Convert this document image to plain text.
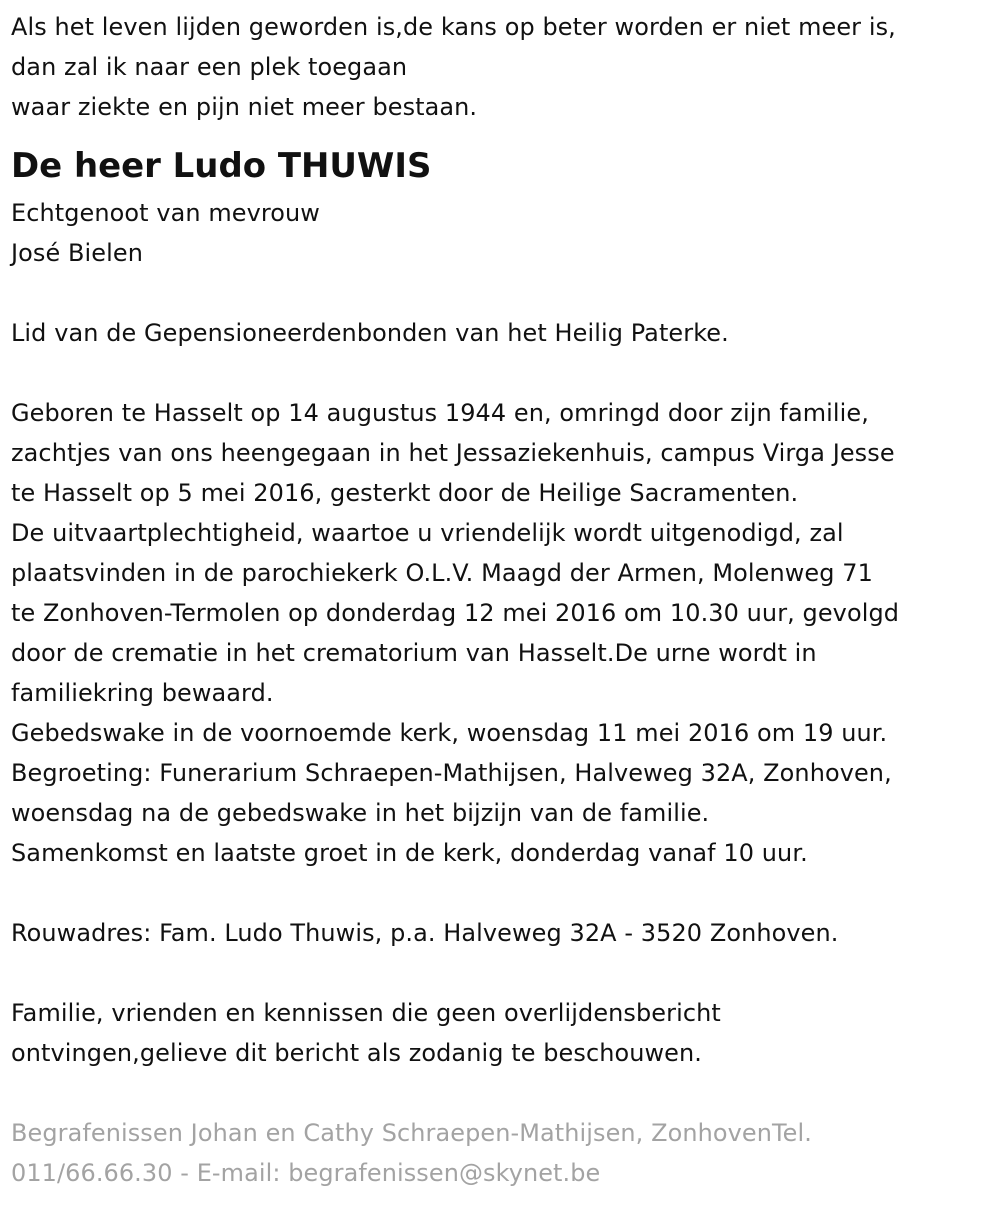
Als het leven lijden geworden is,de kans op beter worden er niet meer is,
dan zal ik naar een plek toegaan
waar ziekte en pijn niet meer bestaan.
De heer Ludo THUWIS
Echtgenoot van mevrouw
José Bielen
Lid van de Gepensioneerdenbonden van het Heilig Paterke.
Geboren te Hasselt op 14 augustus 1944 en, omringd door zijn familie,
zachtjes van ons heengegaan in het Jessaziekenhuis, campus Virga Jesse
te Hasselt op 5 mei 2016, gesterkt door de Heilige Sacramenten.
De uitvaartplechtigheid, waartoe u vriendelijk wordt uitgenodigd, zal
plaatsvinden in de parochiekerk O.L.V. Maagd der Armen, Molenweg 71
te Zonhoven-Termolen op donderdag 12 mei 2016 om 10.30 uur, gevolgd
door de crematie in het crematorium van Hasselt.De urne wordt in
familiekring bewaard.
Gebedswake in de voornoemde kerk, woensdag 11 mei 2016 om 19 uur.
Begroeting: Funerarium Schraepen-Mathijsen, Halveweg 32A, Zonhoven,
woensdag na de gebedswake in het bijzijn van de familie.
Samenkomst en laatste groet in de kerk, donderdag vanaf 10 uur.
Rouwadres: Fam. Ludo Thuwis, p.a. Halveweg 32A - 3520 Zonhoven.
Familie, vrienden en kennissen die geen overlijdensbericht
ontvingen,gelieve dit bericht als zodanig te beschouwen.
Begrafenissen Johan en Cathy Schraepen-Mathijsen, ZonhovenTel.
011/66.66.30 - E-mail: begrafenissen@skynet.be
